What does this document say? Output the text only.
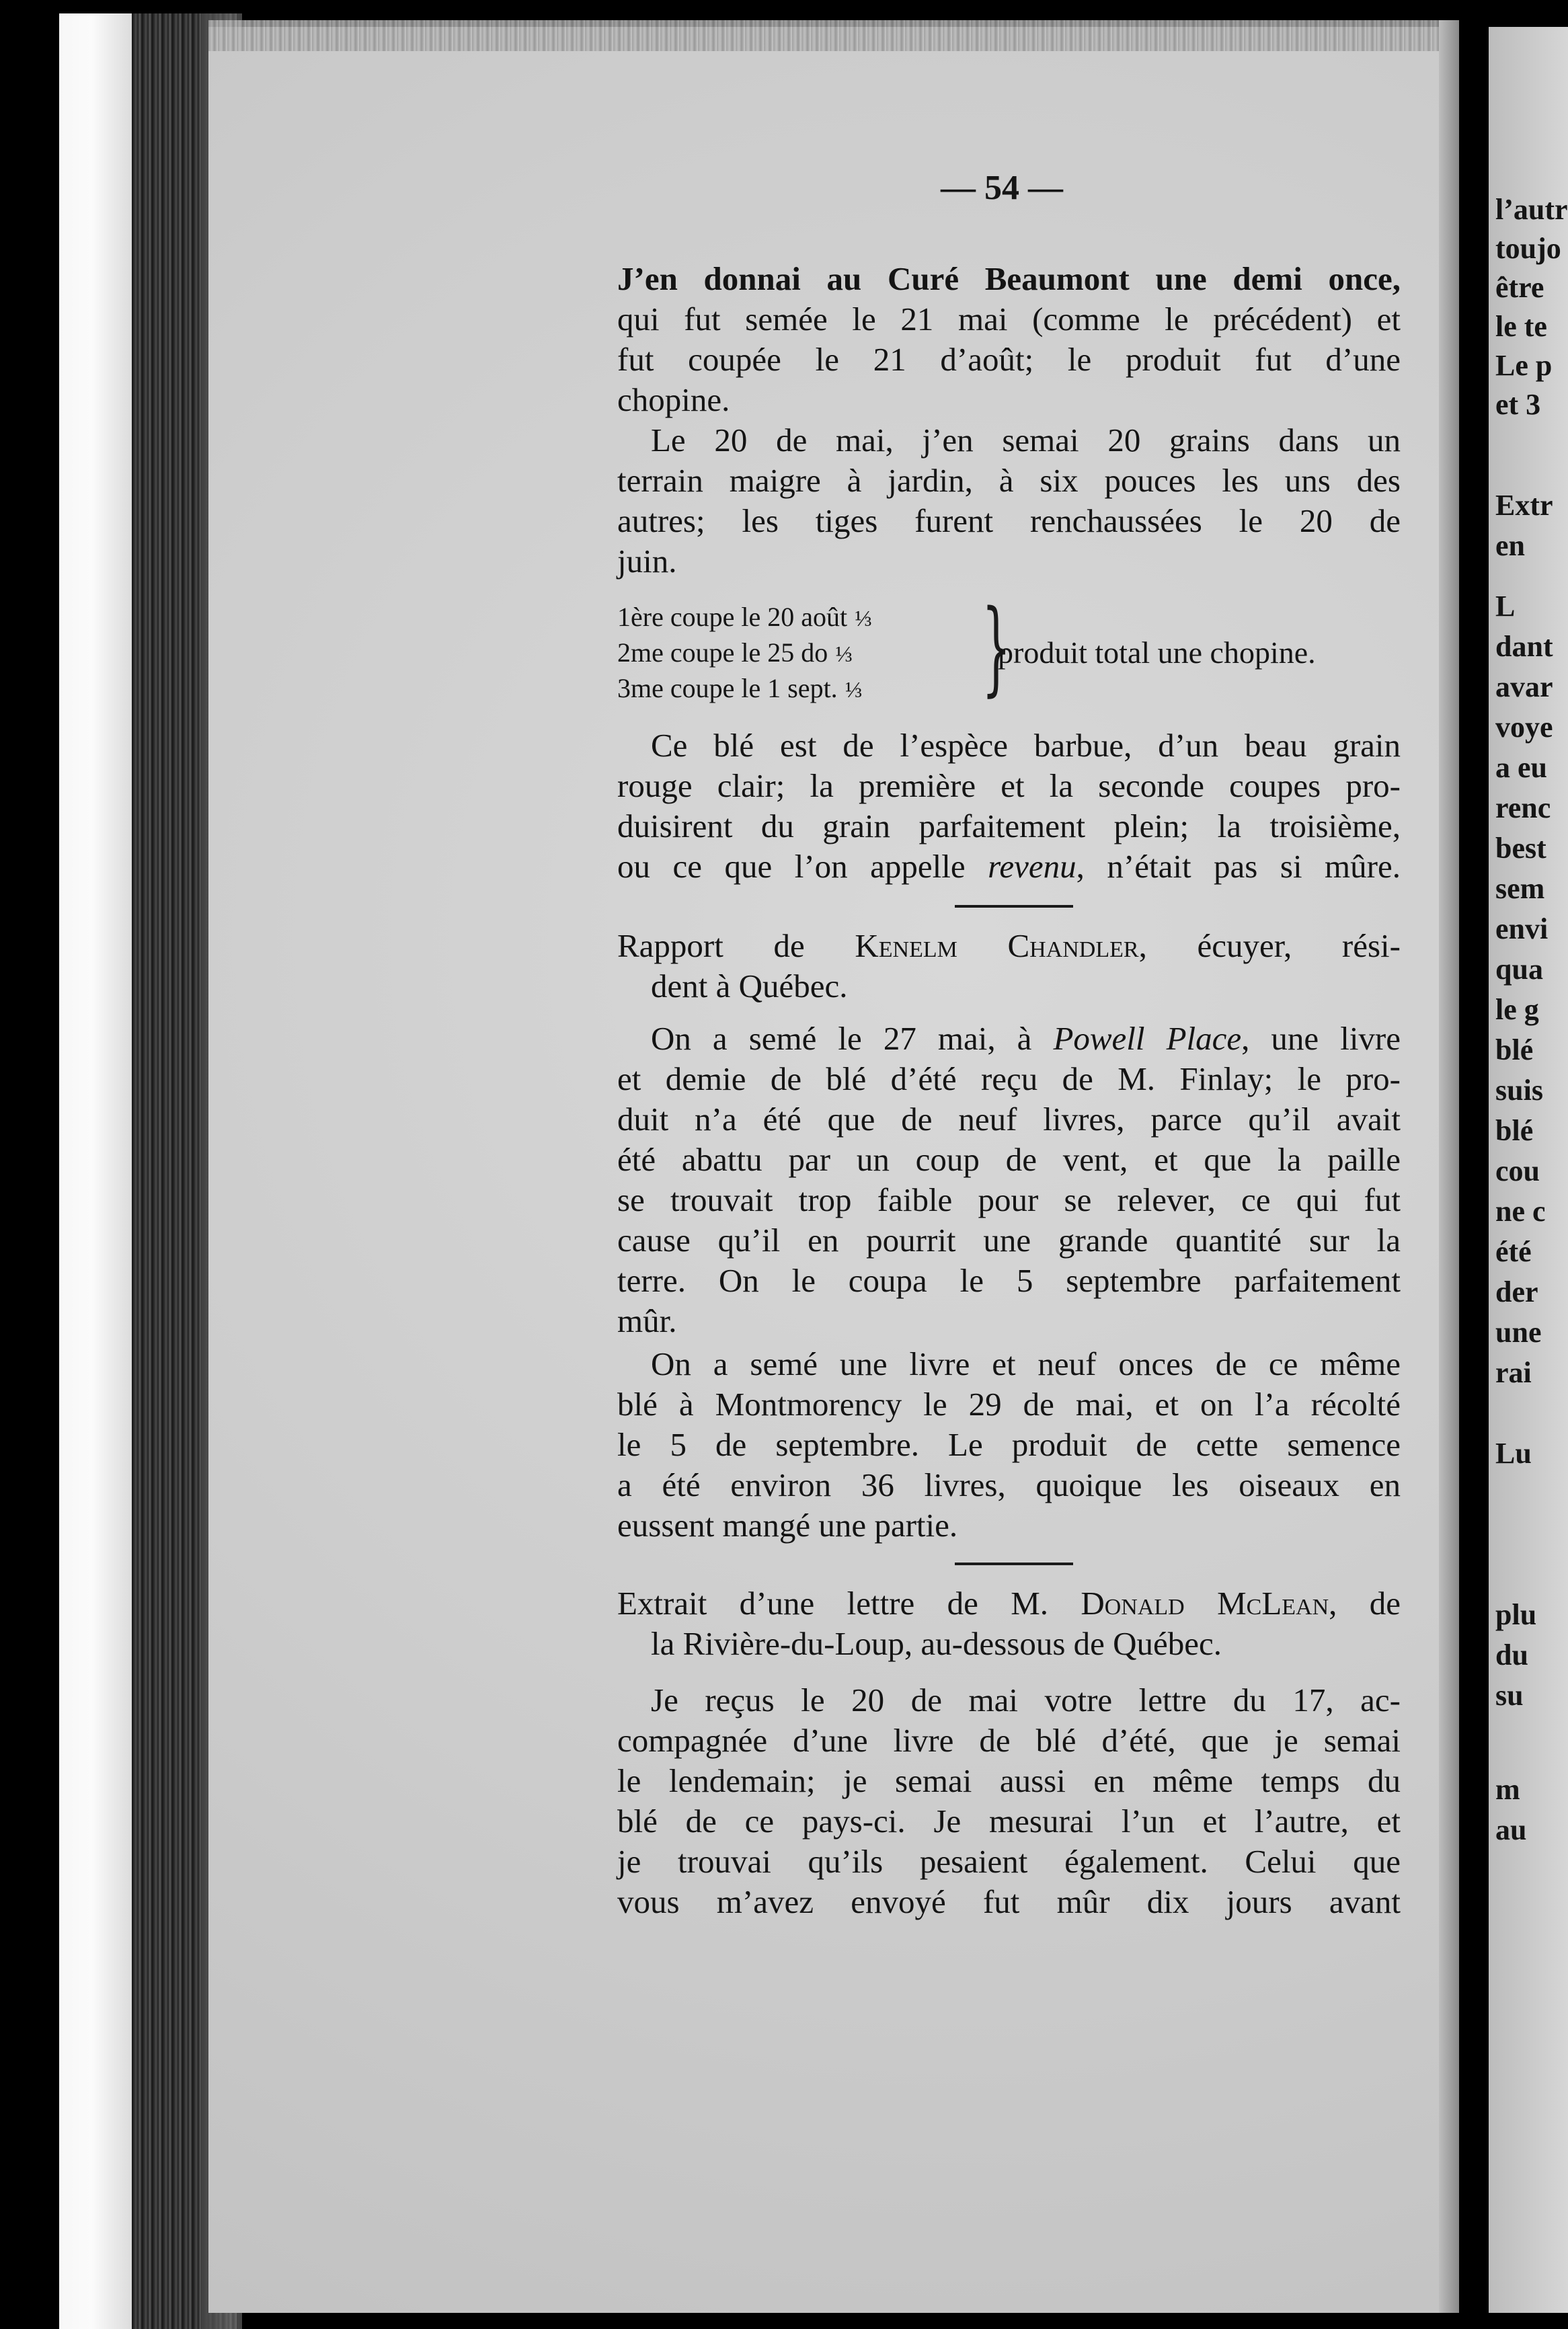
l’autr
toujo
être
le te
Le p
et 3
Extr
en
L
dant
avar
voye
a eu
renc
best
sem
envi
qua
le g
blé
suis
blé
cou
ne c
été
der
une
rai
Lu
plu
du
su
m
au
— 54 —
J’en donnai au Curé Beaumont une demi once,
qui fut semée le 21 mai (comme le précédent) et
fut coupée le 21 d’août; le produit fut d’une
chopine.
Le 20 de mai, j’en semai 20 grains dans un
terrain maigre à jardin, à six pouces les uns des
autres; les tiges furent renchaussées le 20 de
juin.
1ère coupe le 20 août ⅓
2me coupe le 25 do ⅓
3me coupe le 1 sept. ⅓ }
produit total une chopine.
Ce blé est de l’espèce barbue, d’un beau grain
rouge clair; la première et la seconde coupes pro-
duisirent du grain parfaitement plein; la troisième,
ou ce que l’on appelle revenu, n’était pas si mûre.
Rapport de Kenelm Chandler, écuyer, rési-
dent à Québec.
On a semé le 27 mai, à Powell Place, une livre
et demie de blé d’été reçu de M. Finlay; le pro-
duit n’a été que de neuf livres, parce qu’il avait
été abattu par un coup de vent, et que la paille
se trouvait trop faible pour se relever, ce qui fut
cause qu’il en pourrit une grande quantité sur la
terre. On le coupa le 5 septembre parfaitement
mûr.
On a semé une livre et neuf onces de ce même
blé à Montmorency le 29 de mai, et on l’a récolté
le 5 de septembre. Le produit de cette semence
a été environ 36 livres, quoique les oiseaux en
eussent mangé une partie.
Extrait d’une lettre de M. Donald McLean, de
la Rivière-du-Loup, au-dessous de Québec.
Je reçus le 20 de mai votre lettre du 17, ac-
compagnée d’une livre de blé d’été, que je semai
le lendemain; je semai aussi en même temps du
blé de ce pays-ci. Je mesurai l’un et l’autre, et
je trouvai qu’ils pesaient également. Celui que
vous m’avez envoyé fut mûr dix jours avant
